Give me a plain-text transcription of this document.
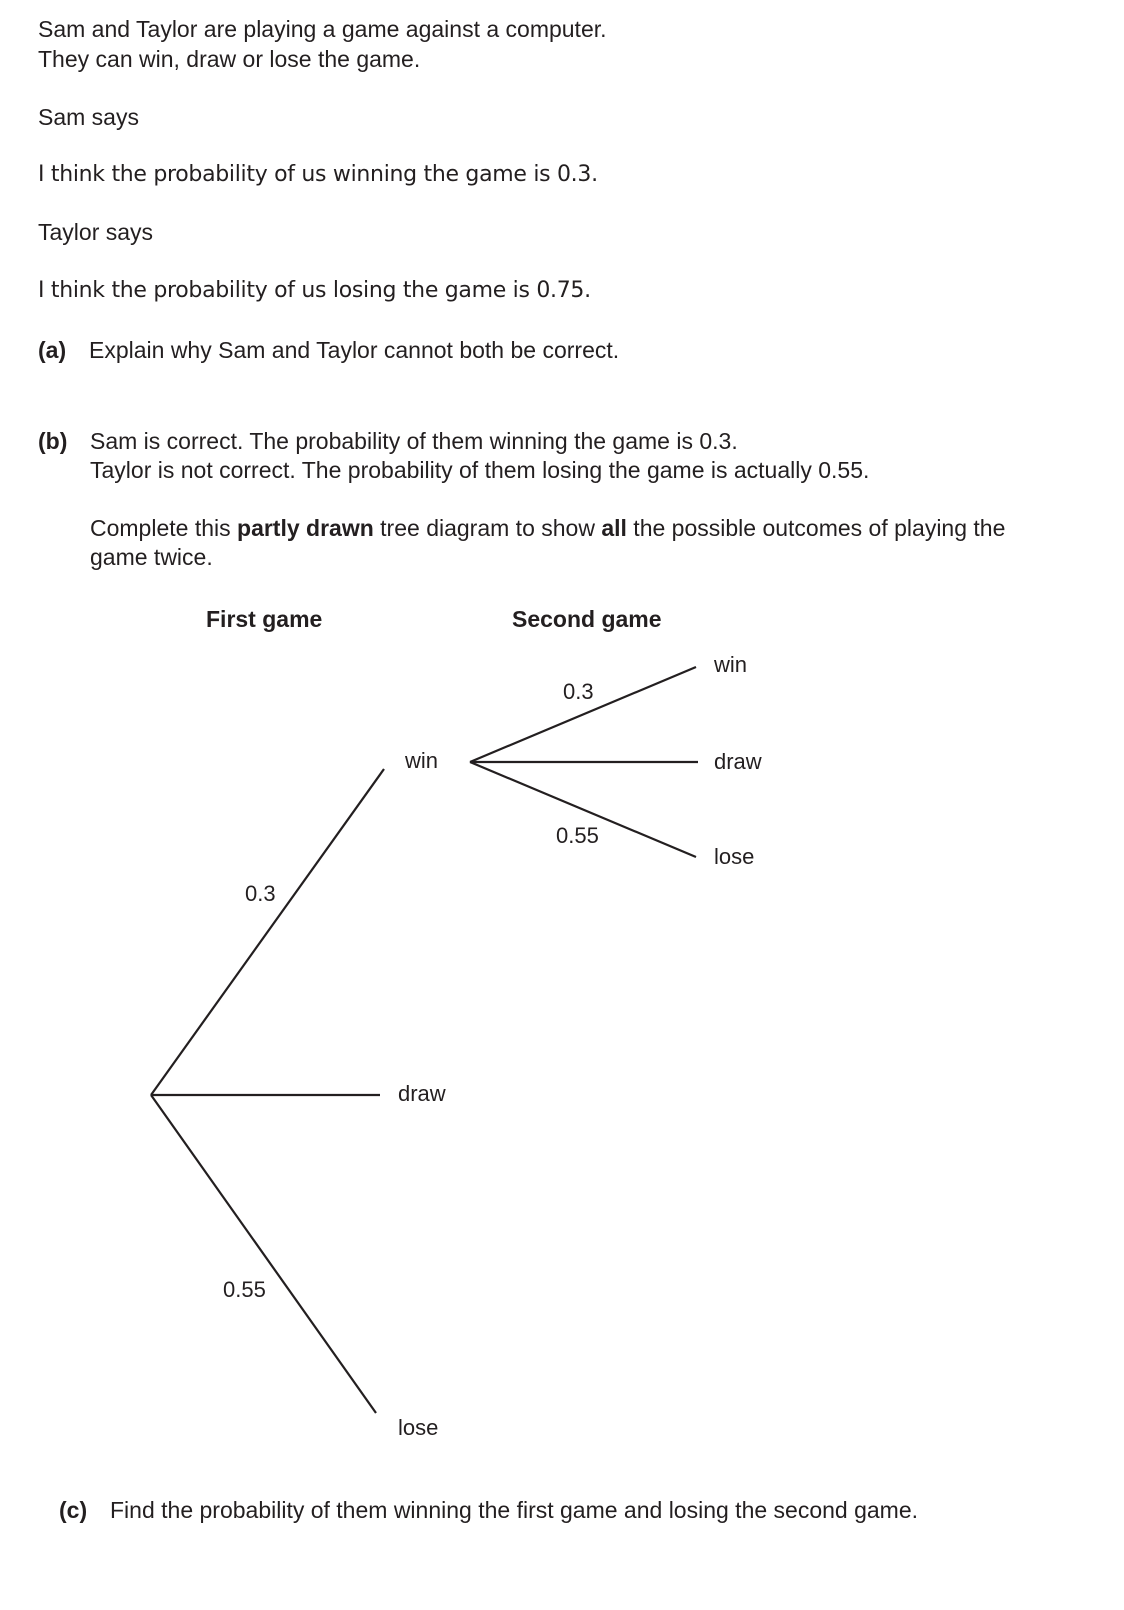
Sam and Taylor are playing a game against a computer.
They can win, draw or lose the game.
Sam says
I think the probability of us winning the game is 0.3.
Taylor says
I think the probability of us losing the game is 0.75.
(a) Explain why Sam and Taylor cannot both be correct.
(b) Sam is correct. The probability of them winning the game is 0.3.
Taylor is not correct. The probability of them losing the game is actually 0.55.
Complete this partly drawn tree diagram to show all the possible outcomes of playing the
game twice.
First game	Second game
0.3
0.55
win
draw
lose
0.3
0.55
win
draw
lose
(c) Find the probability of them winning the first game and losing the second game.
